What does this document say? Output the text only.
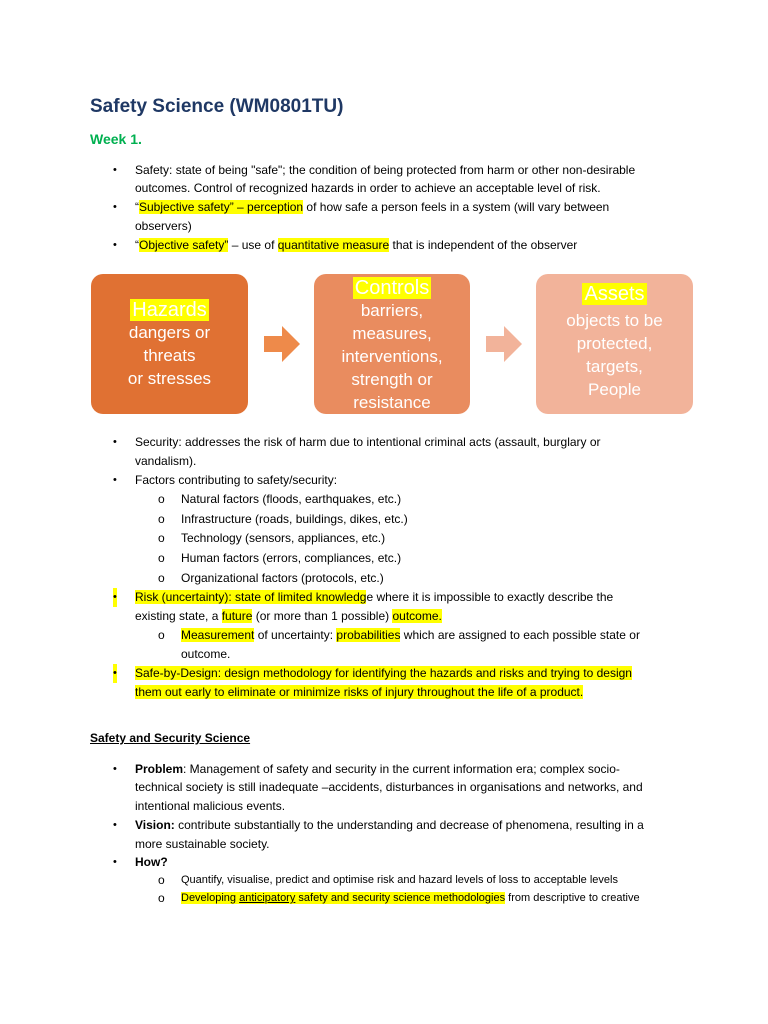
Safety Science (WM0801TU)
Week 1.
• Safety: state of being "safe"; the condition of being protected from harm or other non-desirable
outcomes. Control of recognized hazards in order to achieve an acceptable level of risk.
• “Subjective safety” – perception of how safe a person feels in a system (will vary between
observers)
• “Objective safety” – use of quantitative measure that is independent of the observer
Hazards
dangers or
threats
or stresses
Controls
barriers,
measures,
interventions,
strength or
resistance
Assets
objects to be
protected,
targets,
People
• Security: addresses the risk of harm due to intentional criminal acts (assault, burglary or
vandalism).
• Factors contributing to safety/security:
o Natural factors (floods, earthquakes, etc.)
o Infrastructure (roads, buildings, dikes, etc.)
o Technology (sensors, appliances, etc.)
o Human factors (errors, compliances, etc.)
o Organizational factors (protocols, etc.)
• Risk (uncertainty): state of limited knowledge where it is impossible to exactly describe the
existing state, a future (or more than 1 possible) outcome.
o Measurement of uncertainty: probabilities which are assigned to each possible state or
outcome.
• Safe-by-Design: design methodology for identifying the hazards and risks and trying to design
them out early to eliminate or minimize risks of injury throughout the life of a product.
Safety and Security Science
• Problem: Management of safety and security in the current information era; complex socio-
technical society is still inadequate –accidents, disturbances in organisations and networks, and
intentional malicious events.
• Vision: contribute substantially to the understanding and decrease of phenomena, resulting in a
more sustainable society.
• How?
o Quantify, visualise, predict and optimise risk and hazard levels of loss to acceptable levels
o Developing anticipatory safety and security science methodologies from descriptive to creative
